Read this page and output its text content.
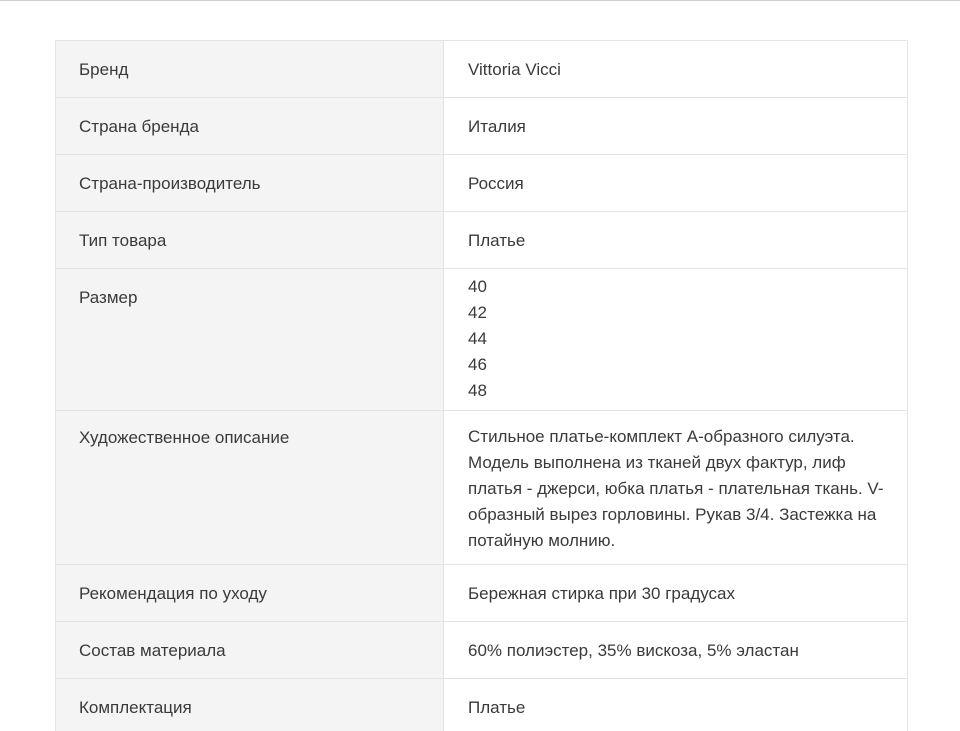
Бренд	Vittoria Vicci

Страна бренда	Италия

Страна-производитель	Россия

Тип товара	Платье

Размер	40
42
44
46
48

Художественное описание	Стильное платье-комплект А-образного силуэта. Модель выполнена из тканей двух фактур, лиф платья - джерси, юбка платья - плательная ткань. V-образный вырез горловины. Рукав 3/4. Застежка на потайную молнию.

Рекомендация по уходу	Бережная стирка при 30 градусах

Состав материала	60% полиэстер, 35% вискоза, 5% эластан

Комплектация	Платье
